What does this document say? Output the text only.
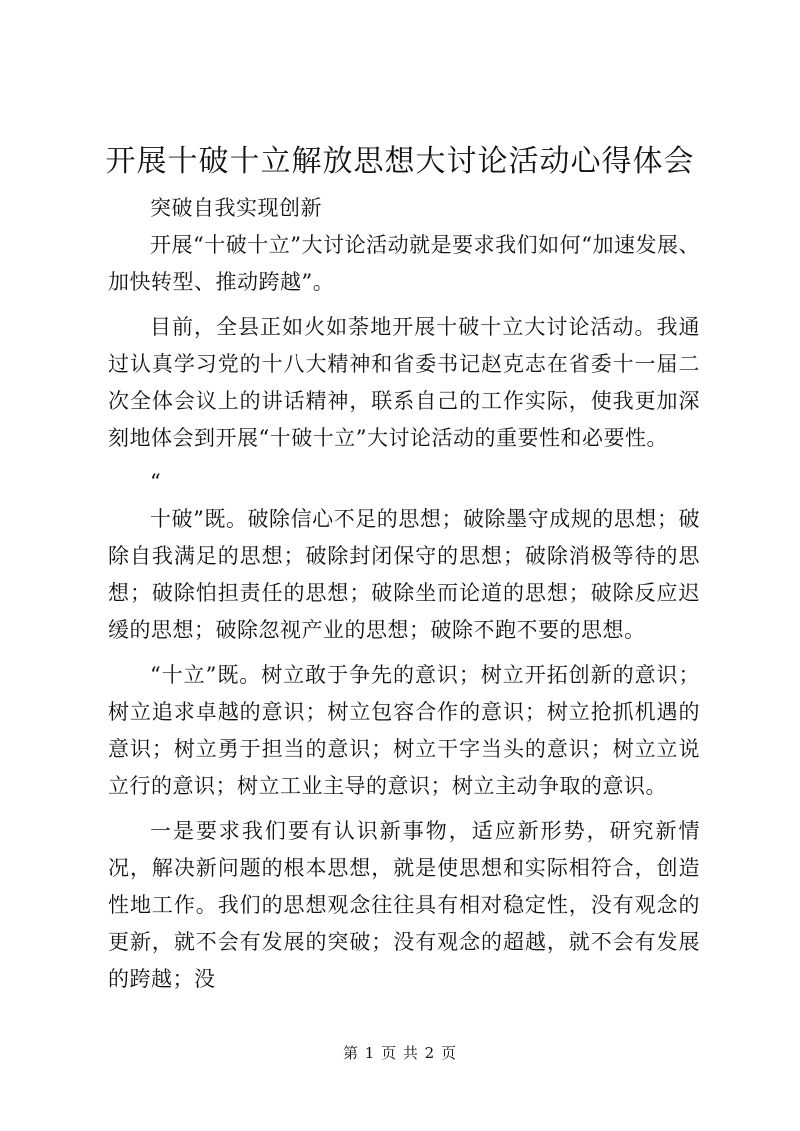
开展十破十立解放思想大讨论活动心得体会

突破自我实现创新

开展“十破十立”大讨论活动就是要求我们如何“加速发展、加快转型、推动跨越”。

目前，全县正如火如荼地开展十破十立大讨论活动。我通过认真学习党的十八大精神和省委书记赵克志在省委十一届二次全体会议上的讲话精神，联系自己的工作实际，使我更加深刻地体会到开展“十破十立”大讨论活动的重要性和必要性。

“

十破”既。破除信心不足的思想；破除墨守成规的思想；破除自我满足的思想；破除封闭保守的思想；破除消极等待的思想；破除怕担责任的思想；破除坐而论道的思想；破除反应迟缓的思想；破除忽视产业的思想；破除不跑不要的思想。

“十立”既。树立敢于争先的意识；树立开拓创新的意识；树立追求卓越的意识；树立包容合作的意识；树立抢抓机遇的意识；树立勇于担当的意识；树立干字当头的意识；树立立说立行的意识；树立工业主导的意识；树立主动争取的意识。

一是要求我们要有认识新事物，适应新形势，研究新情况，解决新问题的根本思想，就是使思想和实际相符合，创造性地工作。我们的思想观念往往具有相对稳定性，没有观念的更新，就不会有发展的突破；没有观念的超越，就不会有发展的跨越；没

第 1 页 共 2 页
